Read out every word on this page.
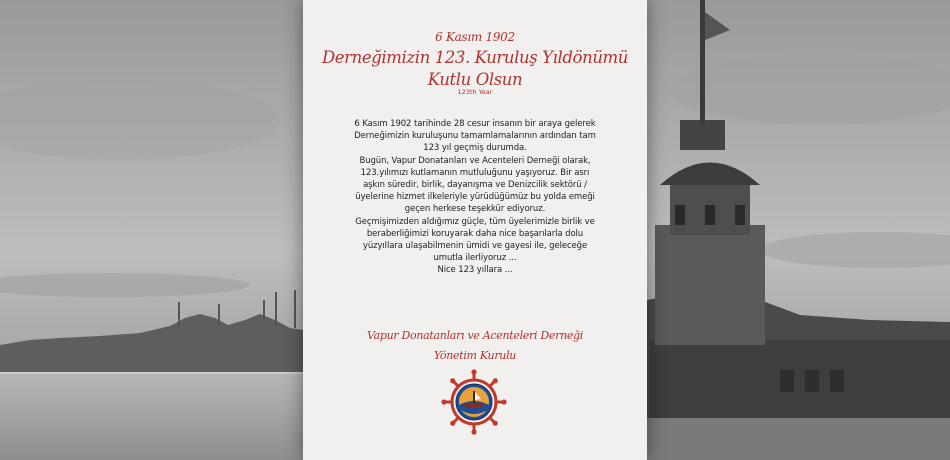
6 Kasım 1902
Derneğimizin 123. Kuruluş Yıldönümü
Kutlu Olsun
123th Year
6 Kasım 1902 tarihinde 28 cesur insanın bir araya gelerek
Derneğimizin kuruluşunu tamamlamalarının ardından tam
123 yıl geçmiş durumda.
Bugün, Vapur Donatanları ve Acenteleri Derneği olarak,
123.yılımızı kutlamanın mutluluğunu yaşıyoruz. Bir asrı
aşkın süredir, birlik, dayanışma ve Denizcilik sektörü /
üyelerine hizmet ilkeleriyle yürüdüğümüz bu yolda emeği
geçen herkese teşekkür ediyoruz.
Geçmişimizden aldığımız güçle, tüm üyelerimizle birlik ve
beraberliğimizi koruyarak daha nice başarılarla dolu
yüzyıllara ulaşabilmenin ümidi ve gayesi ile, geleceğe
umutla ilerliyoruz ...
Nice 123 yıllara ...
Vapur Donatanları ve Acenteleri Derneği
Yönetim Kurulu
